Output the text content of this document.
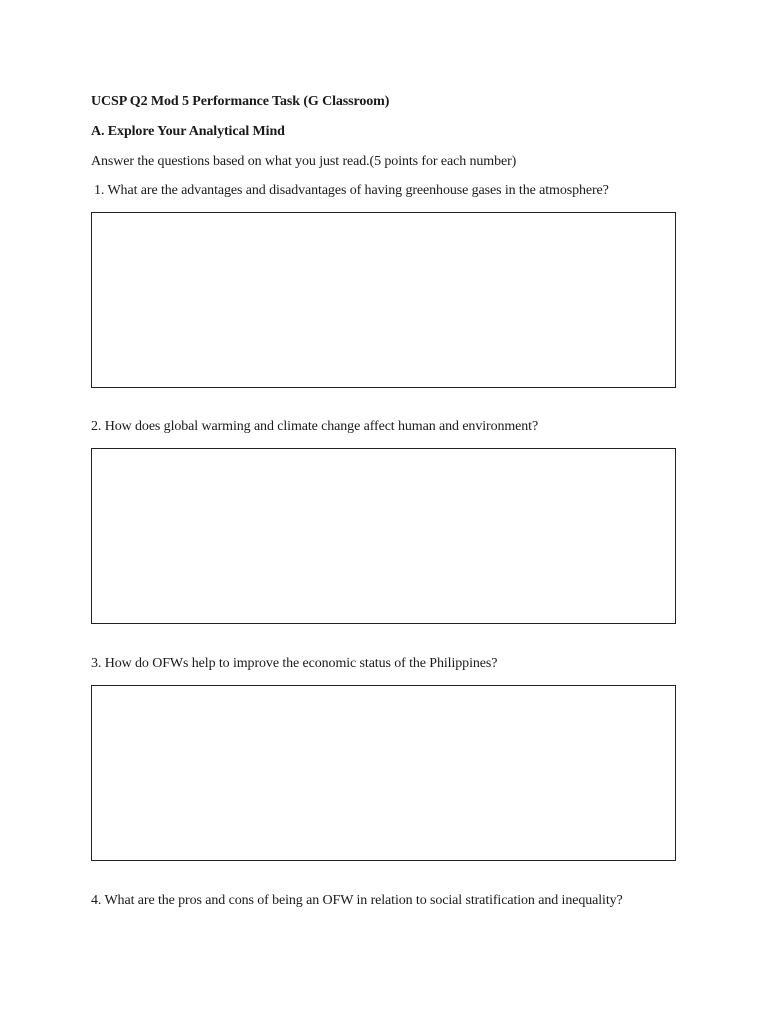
UCSP Q2 Mod 5 Performance Task (G Classroom)
A. Explore Your Analytical Mind
Answer the questions based on what you just read.(5 points for each number)
1. What are the advantages and disadvantages of having greenhouse gases in the atmosphere?
2. How does global warming and climate change affect human and environment?
3. How do OFWs help to improve the economic status of the Philippines?
4. What are the pros and cons of being an OFW in relation to social stratification and inequality?
